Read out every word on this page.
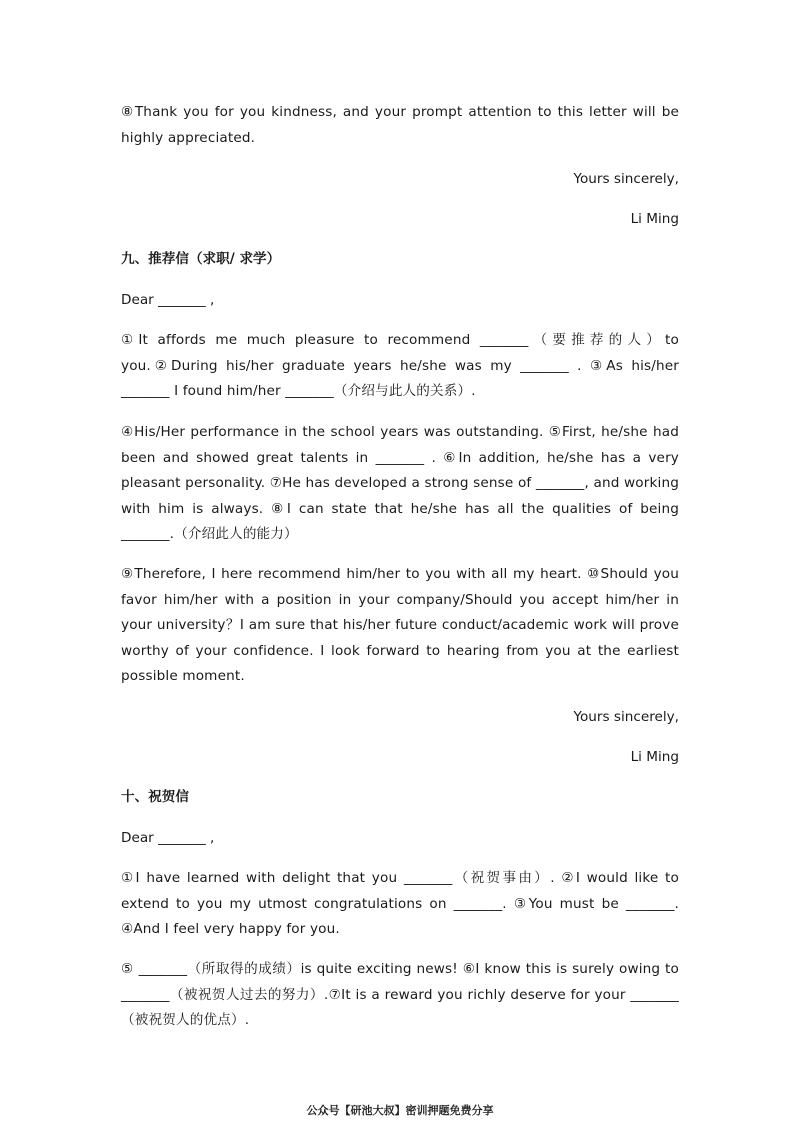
⑧Thank you for you kindness, and your prompt attention to this letter will be highly appreciated.

Yours sincerely,
Li Ming
九、推荐信（求职/ 求学）
Dear _______ ,

①It affords me much pleasure to recommend _______（要推荐的人）to you.②During his/her graduate years he/she was my _______ . ③As his/her _______ I found him/her _______（介绍与此人的关系）.

④His/Her performance in the school years was outstanding. ⑤First, he/she had been and showed great talents in _______ . ⑥In addition, he/she has a very pleasant personality. ⑦He has developed a strong sense of _______, and working with him is always. ⑧I can state that he/she has all the qualities of being _______.（介绍此人的能力）

⑨Therefore, I here recommend him/her to you with all my heart. ⑩Should you favor him/her with a position in your company/Should you accept him/her in your university？I am sure that his/her future conduct/academic work will prove worthy of your confidence. I look forward to hearing from you at the earliest possible moment.

Yours sincerely,
Li Ming
十、祝贺信
Dear _______ ,

①I have learned with delight that you _______（祝贺事由）. ②I would like to extend to you my utmost congratulations on _______. ③You must be _______. ④And I feel very happy for you.

⑤ _______（所取得的成绩）is quite exciting news! ⑥I know this is surely owing to _______（被祝贺人过去的努力）.⑦It is a reward you richly deserve for your _______（被祝贺人的优点）.

公众号【研池大叔】密训押题免费分享
